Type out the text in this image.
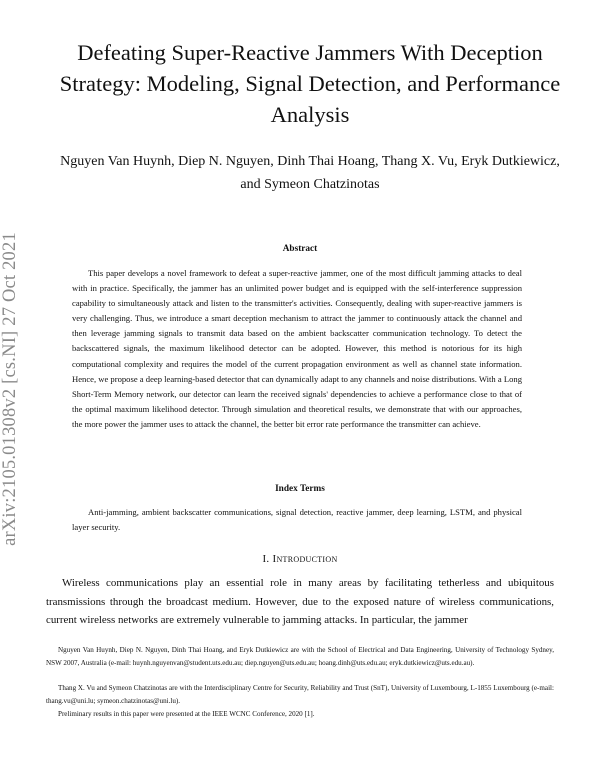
arXiv:2105.01308v2 [cs.NI] 27 Oct 2021
Defeating Super-Reactive Jammers With Deception Strategy: Modeling, Signal Detection, and Performance Analysis
Nguyen Van Huynh, Diep N. Nguyen, Dinh Thai Hoang, Thang X. Vu, Eryk Dutkiewicz, and Symeon Chatzinotas
Abstract
This paper develops a novel framework to defeat a super-reactive jammer, one of the most difficult jamming attacks to deal with in practice. Specifically, the jammer has an unlimited power budget and is equipped with the self-interference suppression capability to simultaneously attack and listen to the transmitter's activities. Consequently, dealing with super-reactive jammers is very challenging. Thus, we introduce a smart deception mechanism to attract the jammer to continuously attack the channel and then leverage jamming signals to transmit data based on the ambient backscatter communication technology. To detect the backscattered signals, the maximum likelihood detector can be adopted. However, this method is notorious for its high computational complexity and requires the model of the current propagation environment as well as channel state information. Hence, we propose a deep learning-based detector that can dynamically adapt to any channels and noise distributions. With a Long Short-Term Memory network, our detector can learn the received signals' dependencies to achieve a performance close to that of the optimal maximum likelihood detector. Through simulation and theoretical results, we demonstrate that with our approaches, the more power the jammer uses to attack the channel, the better bit error rate performance the transmitter can achieve.
Index Terms
Anti-jamming, ambient backscatter communications, signal detection, reactive jammer, deep learning, LSTM, and physical layer security.
I. Introduction
Wireless communications play an essential role in many areas by facilitating tetherless and ubiquitous transmissions through the broadcast medium. However, due to the exposed nature of wireless communications, current wireless networks are extremely vulnerable to jamming attacks. In particular, the jammer
Nguyen Van Huynh, Diep N. Nguyen, Dinh Thai Hoang, and Eryk Dutkiewicz are with the School of Electrical and Data Engineering, University of Technology Sydney, NSW 2007, Australia (e-mail: huynh.nguyenvan@student.uts.edu.au; diep.nguyen@uts.edu.au; hoang.dinh@uts.edu.au; eryk.dutkiewicz@uts.edu.au).
Thang X. Vu and Symeon Chatzinotas are with the Interdisciplinary Centre for Security, Reliability and Trust (SnT), University of Luxembourg, L-1855 Luxembourg (e-mail: thang.vu@uni.lu; symeon.chatzinotas@uni.lu).
Preliminary results in this paper were presented at the IEEE WCNC Conference, 2020 [1].
